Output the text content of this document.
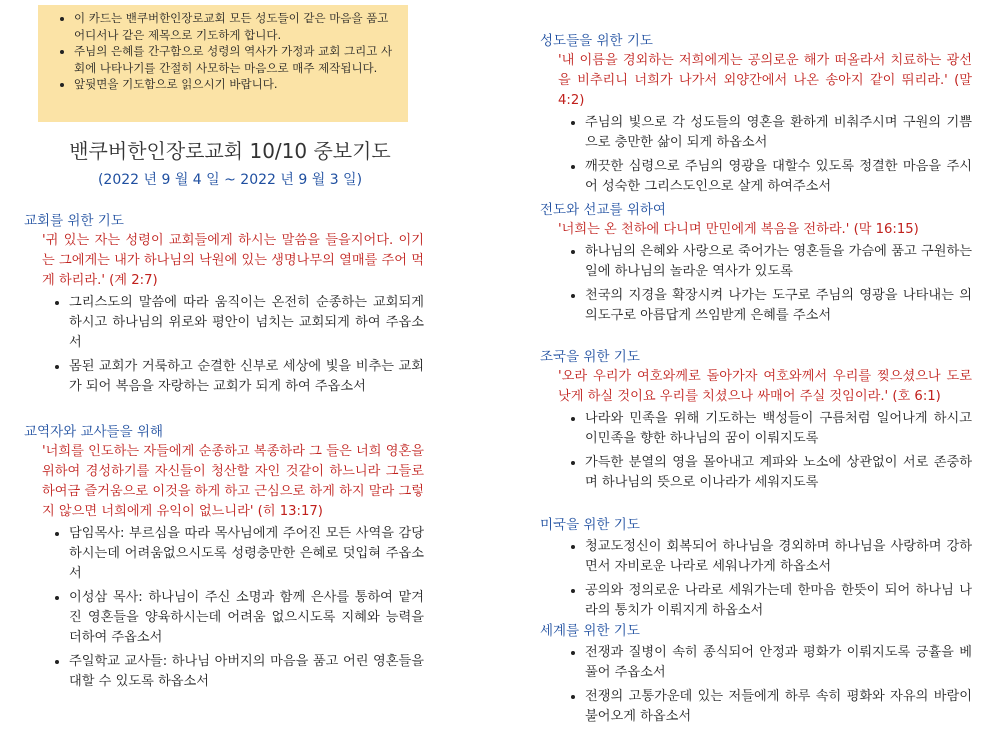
• 이 카드는 밴쿠버한인장로교회 모든 성도들이 같은 마음을 품고 어디서나 같은 제목으로 기도하게 합니다.
• 주님의 은혜를 간구함으로 성령의 역사가 가정과 교회 그리고 사회에 나타나기를 간절히 사모하는 마음으로 매주 제작됩니다.
• 앞뒷면을 기도함으로 읽으시기 바랍니다.
밴쿠버한인장로교회 10/10 중보기도
(2022 년 9 월 4 일 ~ 2022 년 9 월 3 일)
교회를 위한 기도
'귀 있는 자는 성령이 교회들에게 하시는 말씀을 들을지어다. 이기는 그에게는 내가 하나님의 낙원에 있는 생명나무의 열매를 주어 먹게 하리라.' (계 2:7)
• 그리스도의 말씀에 따라 움직이는 온전히 순종하는 교회되게 하시고 하나님의 위로와 평안이 넘치는 교회되게 하여 주옵소서
• 몸된 교회가 거룩하고 순결한 신부로 세상에 빛을 비추는 교회가 되어 복음을 자랑하는 교회가 되게 하여 주옵소서
교역자와 교사들을 위해
'너희를 인도하는 자들에게 순종하고 복종하라 그 들은 너희 영혼을 위하여 경성하기를 자신들이 청산할 자인 것같이 하느니라 그들로 하여금 즐거움으로 이것을 하게 하고 근심으로 하게 하지 말라 그렇지 않으면 너희에게 유익이 없느니라' (히 13:17)
• 담임목사: 부르심을 따라 목사님에게 주어진 모든 사역을 감당하시는데 어려움없으시도록 성령충만한 은혜로 덧입혀 주옵소서
• 이성삼 목사: 하나님이 주신 소명과 함께 은사를 통하여 맡겨진 영혼들을 양육하시는데 어려움 없으시도록 지혜와 능력을 더하여 주옵소서
• 주일학교 교사들: 하나님 아버지의 마음을 품고 어린 영혼들을 대할 수 있도록 하옵소서
성도들을 위한 기도
'내 이름을 경외하는 저희에게는 공의로운 해가 떠올라서 치료하는 광선을 비추리니 너희가 나가서 외양간에서 나온 송아지 같이 뛰리라.' (말 4:2)
• 주님의 빛으로 각 성도들의 영혼을 환하게 비춰주시며 구원의 기쁨으로 충만한 삶이 되게 하옵소서
• 깨끗한 심령으로 주님의 영광을 대할수 있도록 정결한 마음을 주시어 성숙한 그리스도인으로 살게 하여주소서
전도와 선교를 위하여
'너희는 온 천하에 다니며 만민에게 복음을 전하라.' (막 16:15)
• 하나님의 은혜와 사랑으로 죽어가는 영혼들을 가슴에 품고 구원하는 일에 하나님의 놀라운 역사가 있도록
• 천국의 지경을 확장시켜 나가는 도구로 주님의 영광을 나타내는 의의도구로 아름답게 쓰임받게 은혜를 주소서
조국을 위한 기도
'오라 우리가 여호와께로 돌아가자 여호와께서 우리를 찢으셨으나 도로 낫게 하실 것이요 우리를 치셨으나 싸매어 주실 것임이라.' (호 6:1)
• 나라와 민족을 위해 기도하는 백성들이 구름처럼 일어나게 하시고 이민족을 향한 하나님의 꿈이 이뤄지도록
• 가득한 분열의 영을 몰아내고 계파와 노소에 상관없이 서로 존중하며 하나님의 뜻으로 이나라가 세워지도록
미국을 위한 기도
• 청교도정신이 회복되어 하나님을 경외하며 하나님을 사랑하며 강하면서 자비로운 나라로 세워나가게 하옵소서
• 공의와 정의로운 나라로 세워가는데 한마음 한뜻이 되어 하나님 나라의 통치가 이뤄지게 하옵소서
세계를 위한 기도
• 전쟁과 질병이 속히 종식되어 안정과 평화가 이뤄지도록 긍휼을 베풀어 주옵소서
• 전쟁의 고통가운데 있는 저들에게 하루 속히 평화와 자유의 바람이 불어오게 하옵소서
